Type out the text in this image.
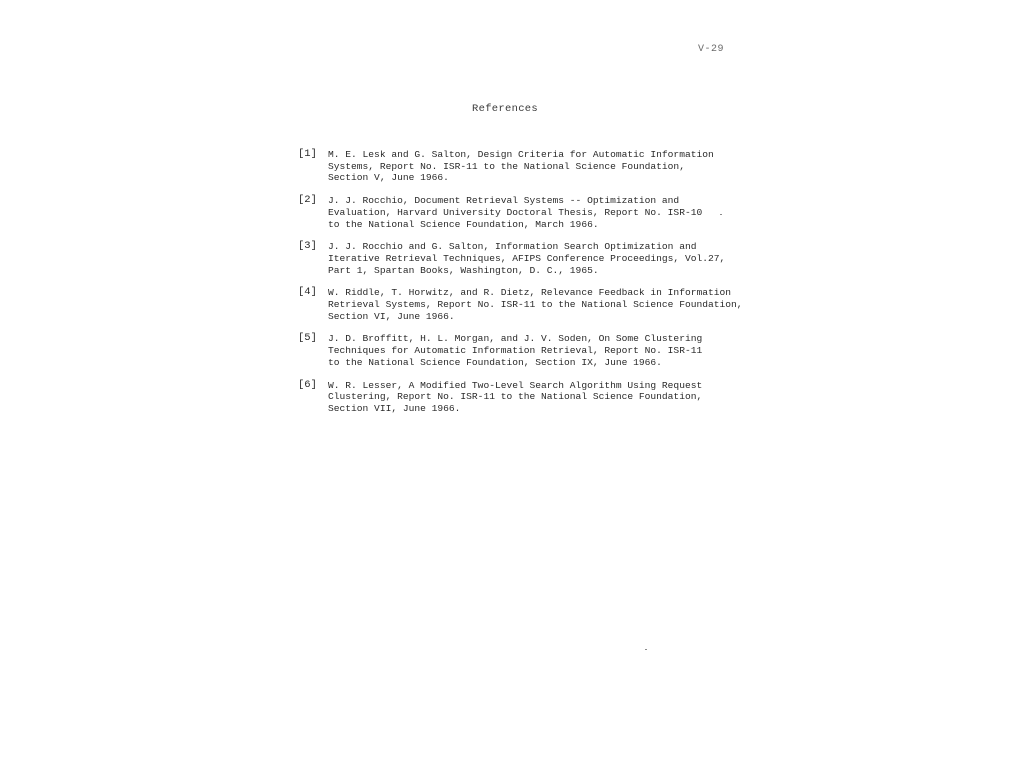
V-29
References
[1]	M. E. Lesk and G. Salton, Design Criteria for Automatic Information
Systems, Report No. ISR-11 to the National Science Foundation,
Section V, June 1966.
[2]	J. J. Rocchio, Document Retrieval Systems -- Optimization and
Evaluation, Harvard University Doctoral Thesis, Report No. ISR-10
to the National Science Foundation, March 1966.
[3]	J. J. Rocchio and G. Salton, Information Search Optimization and
Iterative Retrieval Techniques, AFIPS Conference Proceedings, Vol.27,
Part 1, Spartan Books, Washington, D. C., 1965.
[4]	W. Riddle, T. Horwitz, and R. Dietz, Relevance Feedback in Information
Retrieval Systems, Report No. ISR-11 to the National Science Foundation,
Section VI, June 1966.
[5]	J. D. Broffitt, H. L. Morgan, and J. V. Soden, On Some Clustering
Techniques for Automatic Information Retrieval, Report No. ISR-11
to the National Science Foundation, Section IX, June 1966.
[6]	W. R. Lesser, A Modified Two-Level Search Algorithm Using Request
Clustering, Report No. ISR-11 to the National Science Foundation,
Section VII, June 1966.
